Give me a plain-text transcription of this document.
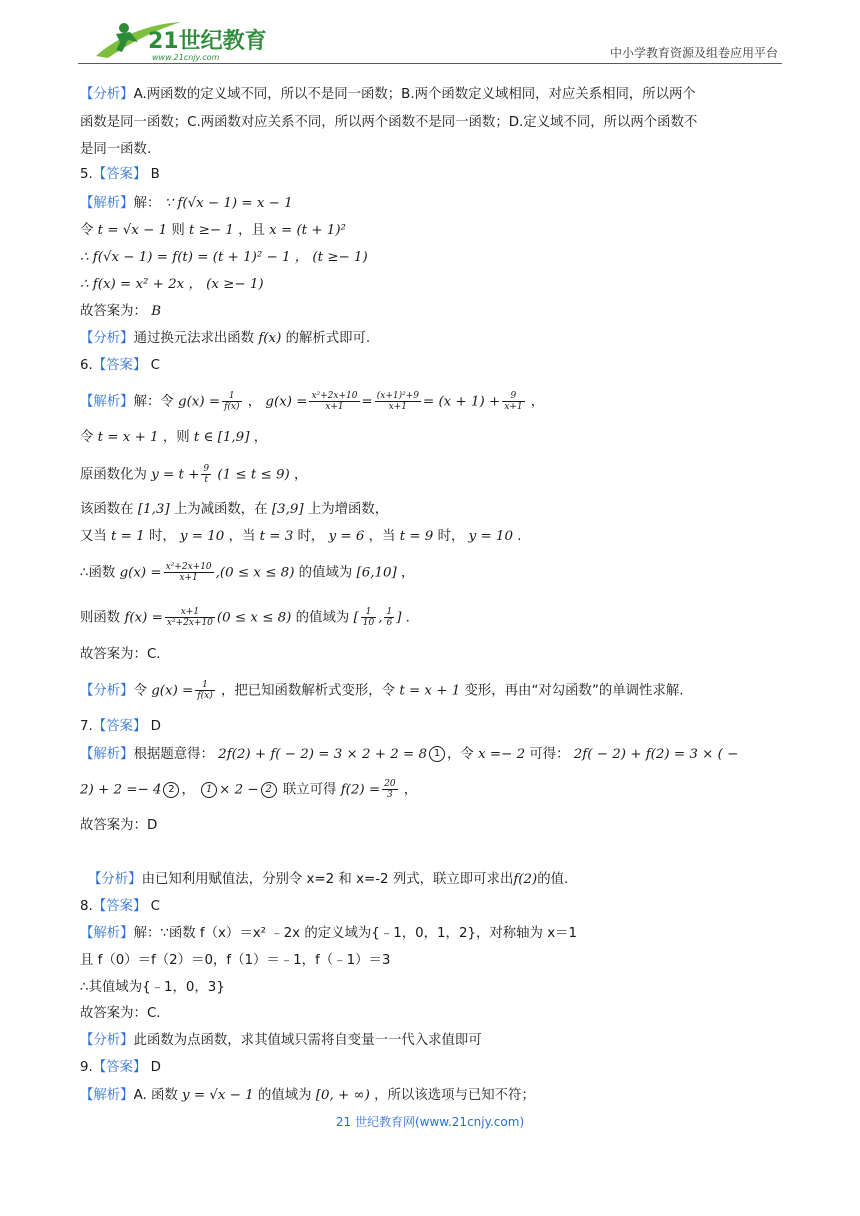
21世纪教育
www.21cnjy.com	中小学教育资源及组卷应用平台
【分析】A.两函数的定义域不同，所以不是同一函数；B.两个函数定义域相同，对应关系相同，所以两个
函数是同一函数；C.两函数对应关系不同，所以两个函数不是同一函数；D.定义域不同，所以两个函数不
是同一函数.
5.【答案】 B
【解析】解： ∵ f(√x − 1) = x − 1
令 t = √x − 1 则 t ≥− 1 ，且 x = (t + 1)²
∴ f(√x − 1) = f(t) = (t + 1)² − 1 ， (t ≥− 1)
∴ f(x) = x² + 2x ， (x ≥− 1)
故答案为： B
【分析】通过换元法求出函数 f(x) 的解析式即可.
6.【答案】 C
【解析】解：令 $g(x) = \frac{1}{f(x)}$ ， $g(x) = \frac{\text{x²+2x+10}}{x+1} = \frac{\text{(x+1)²+9}}{x+1} = (x + 1) + \frac{9}{x+1}$ ，
令 t = x + 1 ，则 t ∈ [1,9] ，
原函数化为 $y = t + \frac{9}{t} (1 \le t \le 9)$ ，
该函数在 [1,3] 上为减函数，在 [3,9] 上为增函数，
又当 t = 1 时， y = 10 ，当 t = 3 时， y = 6 ，当 t = 9 时， y = 10 .
∴函数 $g(x) = \frac{\text{x²+2x+10}}{x+1} ,(0 \le x \le 8)$ 的值域为 [6,10] ，
则函数 $f(x) = \frac{x+1}{\text{x²+2x+10}} (0 \le x \le 8)$ 的值域为 [ $\frac{1}{10}$ , $\frac{1}{6}$ ] .
故答案为：C.
【分析】令 $g(x) = \frac{1}{f(x)}$ ，把已知函数解析式变形，令 t = x + 1 变形，再由“对勾函数”的单调性求解.
7.【答案】 D
【解析】根据题意得： 2f(2) + f( − 2) = 3 × 2 + 2 = 8 1 ，令 x =− 2 可得： 2f( − 2) + f(2) = 3 × ( −
2) + 2 =− 4 2 ， 1 × 2 − 2 联立可得 $f(2) = \frac{20}{3}$ ，
故答案为：D
【分析】由已知利用赋值法，分别令 x=2 和 x=-2 列式，联立即可求出f(2)的值.
8.【答案】 C
【解析】解：∵函数 f（x）＝x² ﹣2x 的定义域为{﹣1，0，1，2}，对称轴为 x＝1
且 f（0）＝f（2）＝0，f（1）＝﹣1，f（﹣1）＝3
∴其值域为{﹣1，0，3}
故答案为：C.
【分析】此函数为点函数，求其值域只需将自变量一一代入求值即可
9.【答案】 D
【解析】A. 函数 y = √x − 1 的值域为 [0, + ∞) ，所以该选项与已知不符；
21 世纪教育网(www.21cnjy.com)
